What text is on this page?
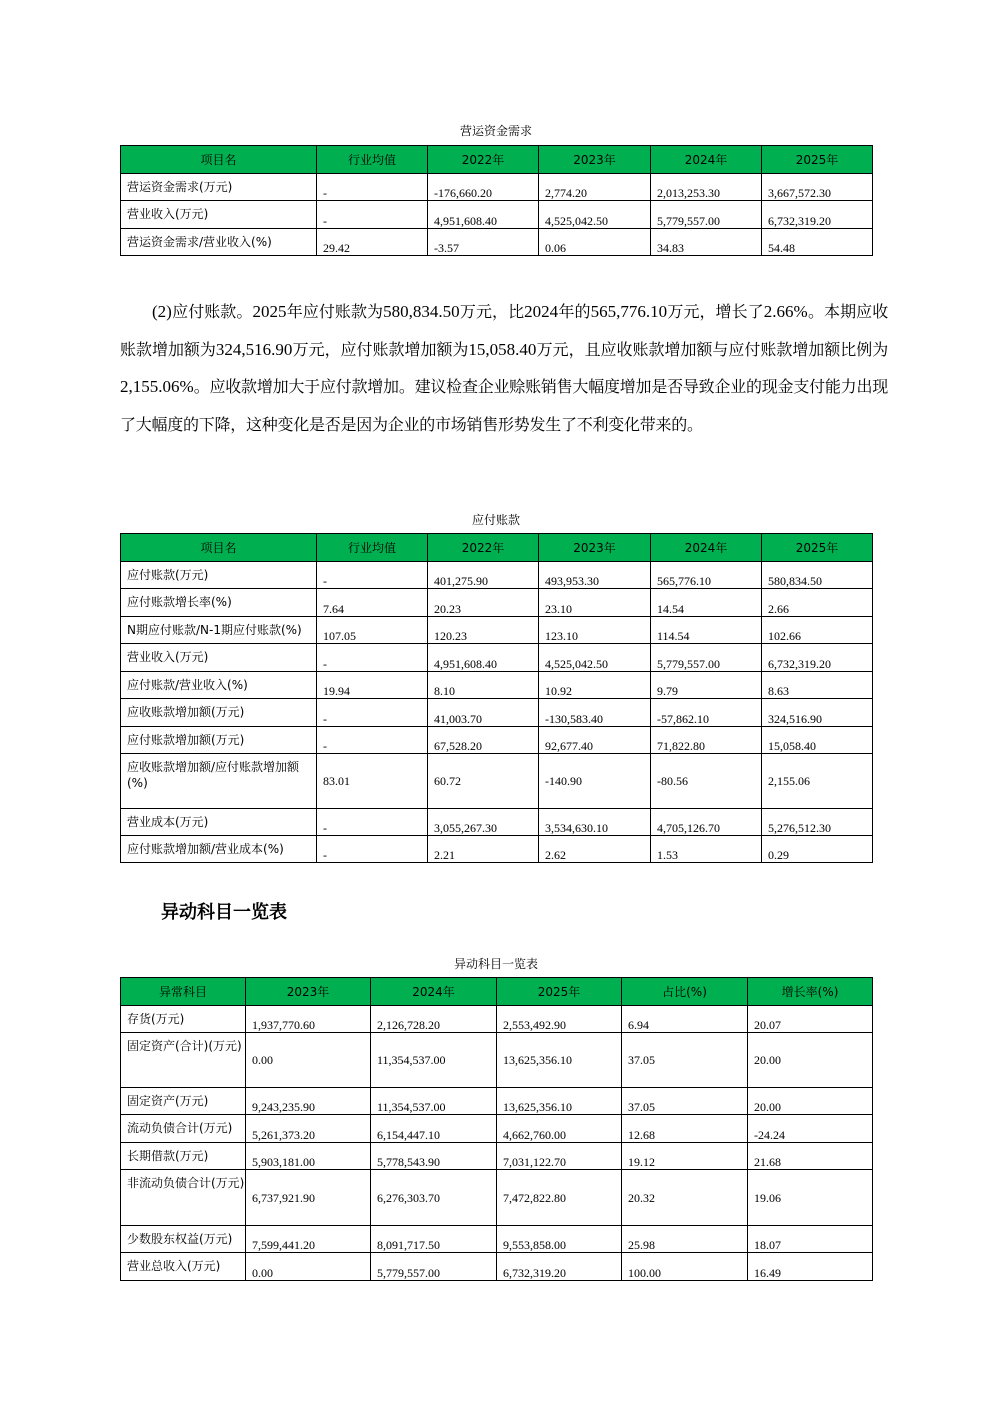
营运资金需求
项目名	行业均值	2022年	2023年	2024年	2025年
营运资金需求(万元)	-	-176,660.20	2,774.20	2,013,253.30	3,667,572.30
营业收入(万元)	-	4,951,608.40	4,525,042.50	5,779,557.00	6,732,319.20
营运资金需求/营业收入(%)	29.42	-3.57	0.06	34.83	54.48

(2)应付账款。2025年应付账款为580,834.50万元，比2024年的565,776.10万元，增长了2.66%。本期应收账款增加额为324,516.90万元，应付账款增加额为15,058.40万元，且应收账款增加额与应付账款增加额比例为2,155.06%。应收款增加大于应付款增加。建议检查企业赊账销售大幅度增加是否导致企业的现金支付能力出现了大幅度的下降，这种变化是否是因为企业的市场销售形势发生了不利变化带来的。

应付账款
项目名	行业均值	2022年	2023年	2024年	2025年
应付账款(万元)	-	401,275.90	493,953.30	565,776.10	580,834.50
应付账款增长率(%)	7.64	20.23	23.10	14.54	2.66
N期应付账款/N-1期应付账款(%)	107.05	120.23	123.10	114.54	102.66
营业收入(万元)	-	4,951,608.40	4,525,042.50	5,779,557.00	6,732,319.20
应付账款/营业收入(%)	19.94	8.10	10.92	9.79	8.63
应收账款增加额(万元)	-	41,003.70	-130,583.40	-57,862.10	324,516.90
应付账款增加额(万元)	-	67,528.20	92,677.40	71,822.80	15,058.40
应收账款增加额/应付账款增加额(%)	83.01	60.72	-140.90	-80.56	2,155.06
营业成本(万元)	-	3,055,267.30	3,534,630.10	4,705,126.70	5,276,512.30
应付账款增加额/营业成本(%)	-	2.21	2.62	1.53	0.29
异动科目一览表
异动科目一览表
异常科目	2023年	2024年	2025年	占比(%)	增长率(%)
存货(万元)	1,937,770.60	2,126,728.20	2,553,492.90	6.94	20.07
固定资产(合计)(万元)	0.00	11,354,537.00	13,625,356.10	37.05	20.00
固定资产(万元)	9,243,235.90	11,354,537.00	13,625,356.10	37.05	20.00
流动负债合计(万元)	5,261,373.20	6,154,447.10	4,662,760.00	12.68	-24.24
长期借款(万元)	5,903,181.00	5,778,543.90	7,031,122.70	19.12	21.68
非流动负债合计(万元)	6,737,921.90	6,276,303.70	7,472,822.80	20.32	19.06
少数股东权益(万元)	7,599,441.20	8,091,717.50	9,553,858.00	25.98	18.07
营业总收入(万元)	0.00	5,779,557.00	6,732,319.20	100.00	16.49
